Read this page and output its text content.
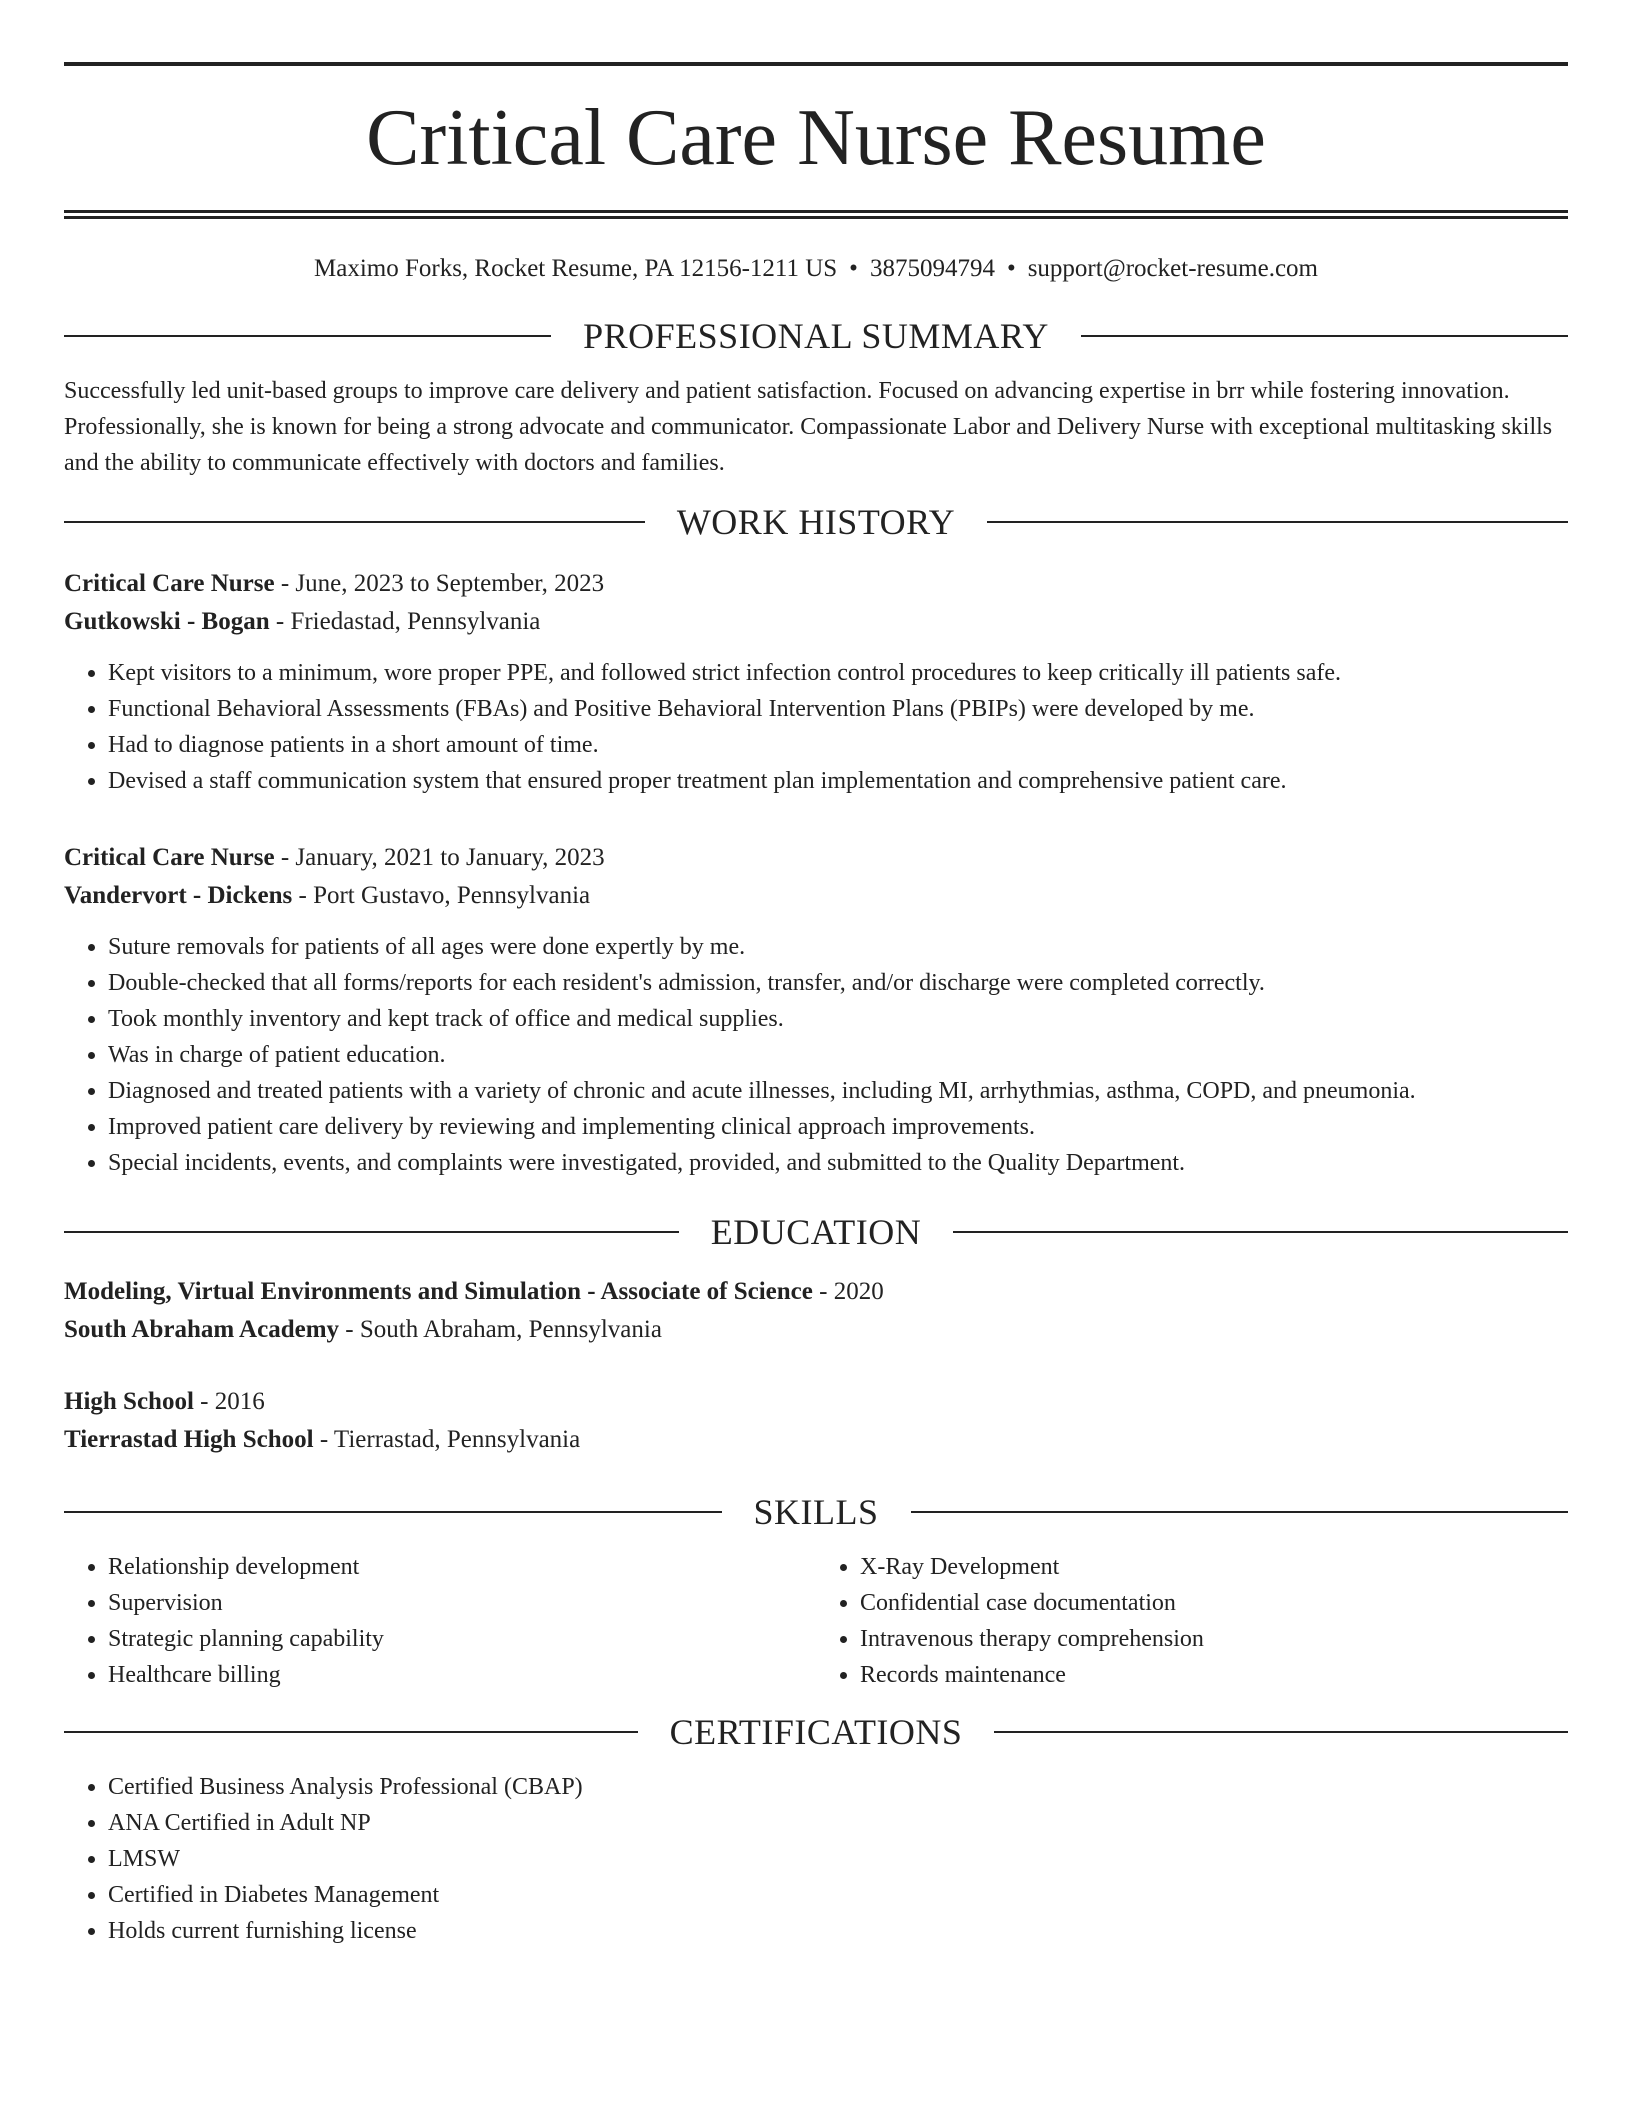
Critical Care Nurse Resume
Maximo Forks, Rocket Resume, PA 12156-1211 US • 3875094794 • support@rocket-resume.com
PROFESSIONAL SUMMARY

Successfully led unit-based groups to improve care delivery and patient satisfaction. Focused on advancing expertise in brr while fostering innovation. Professionally, she is known for being a strong advocate and communicator. Compassionate Labor and Delivery Nurse with exceptional multitasking skills and the ability to communicate effectively with doctors and families.

WORK HISTORY
Critical Care Nurse - June, 2023 to September, 2023
Gutkowski - Bogan - Friedastad, Pennsylvania
• Kept visitors to a minimum, wore proper PPE, and followed strict infection control procedures to keep critically ill patients safe.
• Functional Behavioral Assessments (FBAs) and Positive Behavioral Intervention Plans (PBIPs) were developed by me.
• Had to diagnose patients in a short amount of time.
• Devised a staff communication system that ensured proper treatment plan implementation and comprehensive patient care.
Critical Care Nurse - January, 2021 to January, 2023
Vandervort - Dickens - Port Gustavo, Pennsylvania
• Suture removals for patients of all ages were done expertly by me.
• Double-checked that all forms/reports for each resident's admission, transfer, and/or discharge were completed correctly.
• Took monthly inventory and kept track of office and medical supplies.
• Was in charge of patient education.
• Diagnosed and treated patients with a variety of chronic and acute illnesses, including MI, arrhythmias, asthma, COPD, and pneumonia.
• Improved patient care delivery by reviewing and implementing clinical approach improvements.
• Special incidents, events, and complaints were investigated, provided, and submitted to the Quality Department.
EDUCATION
Modeling, Virtual Environments and Simulation - Associate of Science - 2020
South Abraham Academy - South Abraham, Pennsylvania
High School - 2016
Tierrastad High School - Tierrastad, Pennsylvania
SKILLS
• Relationship development
• Supervision
• Strategic planning capability
• Healthcare billing
• X-Ray Development
• Confidential case documentation
• Intravenous therapy comprehension
• Records maintenance
CERTIFICATIONS
• Certified Business Analysis Professional (CBAP)
• ANA Certified in Adult NP
• LMSW
• Certified in Diabetes Management
• Holds current furnishing license
